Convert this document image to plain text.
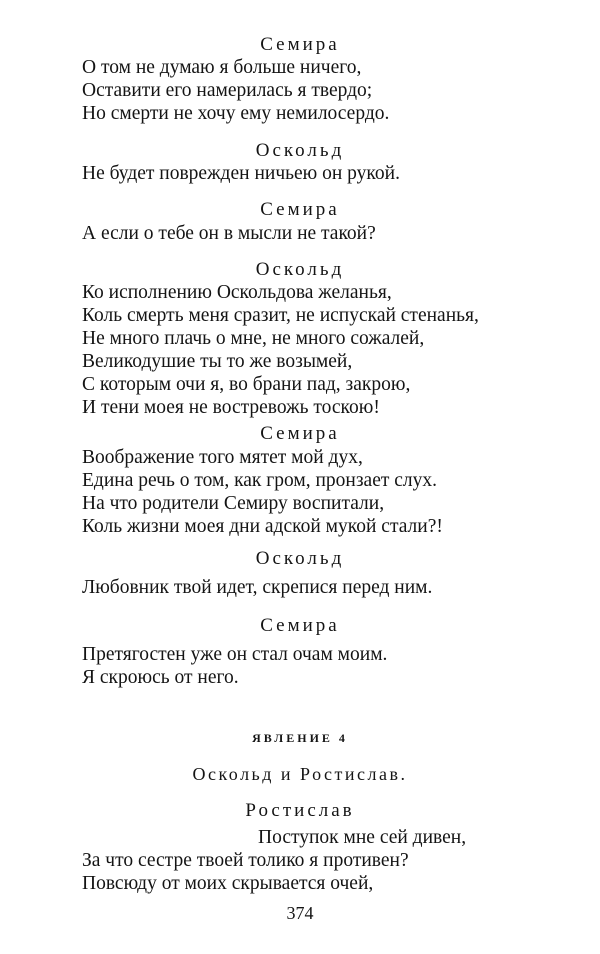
Семира
О том не думаю я больше ничего,
Оставити его намерилась я твердо;
Но смерти не хочу ему немилосердо.
Оскольд
Не будет поврежден ничьею он рукой.
Семира
А если о тебе он в мысли не такой?
Оскольд
Ко исполнению Оскольдова желанья,
Коль смерть меня сразит, не испускай стенанья,
Не много плачь о мне, не много сожалей,
Великодушие ты то же возымей,
С которым очи я, во брани пад, закрою,
И тени моея не востревожь тоскою!
Семира
Воображение того мятет мой дух,
Едина речь о том, как гром, пронзает слух.
На что родители Семиру воспитали,
Коль жизни моея дни адской мукой стали?!
Оскольд
Любовник твой идет, скрепися перед ним.
Семира
Претягостен уже он стал очам моим.
Я скроюсь от него.
ЯВЛЕНИЕ 4
Оскольд и Ростислав.
Ростислав
Поступок мне сей дивен,
За что сестре твоей толико я противен?
Повсюду от моих скрывается очей,
374
